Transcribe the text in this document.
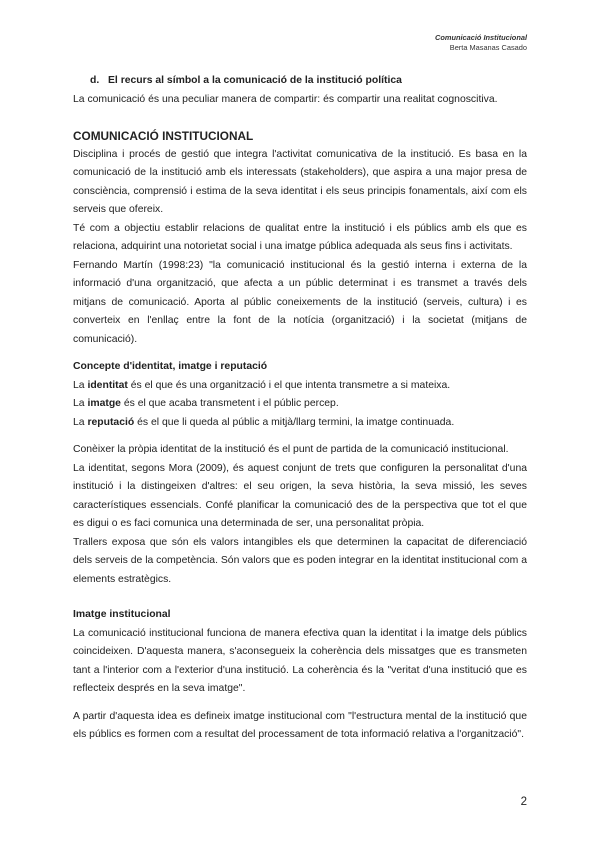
Comunicació Institucional
Berta Masanas Casado

d. El recurs al símbol a la comunicació de la institució política

La comunicació és una peculiar manera de compartir: és compartir una realitat cognoscitiva.

COMUNICACIÓ INSTITUCIONAL

Disciplina i procés de gestió que integra l'activitat comunicativa de la institució. Es basa en la comunicació de la institució amb els interessats (stakeholders), que aspira a una major presa de consciència, comprensió i estima de la seva identitat i els seus principis fonamentals, així com els serveis que ofereix.

Té com a objectiu establir relacions de qualitat entre la institució i els públics amb els que es relaciona, adquirint una notorietat social i una imatge pública adequada als seus fins i activitats.

Fernando Martín (1998:23) "la comunicació institucional és la gestió interna i externa de la informació d'una organització, que afecta a un públic determinat i es transmet a través dels mitjans de comunicació. Aporta al públic coneixements de la institució (serveis, cultura) i es converteix en l'enllaç entre la font de la notícia (organització) i la societat (mitjans de comunicació).

Concepte d'identitat, imatge i reputació

La identitat és el que és una organització i el que intenta transmetre a si mateixa.

La imatge és el que acaba transmetent i el públic percep.

La reputació és el que li queda al públic a mitjà/llarg termini, la imatge continuada.

Conèixer la pròpia identitat de la institució és el punt de partida de la comunicació institucional.

La identitat, segons Mora (2009), és aquest conjunt de trets que configuren la personalitat d'una institució i la distingeixen d'altres: el seu origen, la seva història, la seva missió, les seves característiques essencials. Confé planificar la comunicació des de la perspectiva que tot el que es digui o es faci comunica una determinada de ser, una personalitat pròpia.

Trallers exposa que són els valors intangibles els que determinen la capacitat de diferenciació dels serveis de la competència. Són valors que es poden integrar en la identitat institucional com a elements estratègics.

Imatge institucional

La comunicació institucional funciona de manera efectiva quan la identitat i la imatge dels públics coincideixen. D'aquesta manera, s'aconsegueix la coherència dels missatges que es transmeten tant a l'interior com a l'exterior d'una institució. La coherència és la "veritat d'una institució que es reflecteix després en la seva imatge".

A partir d'aquesta idea es defineix imatge institucional com "l'estructura mental de la institució que els públics es formen com a resultat del processament de tota informació relativa a l'organització".

2
